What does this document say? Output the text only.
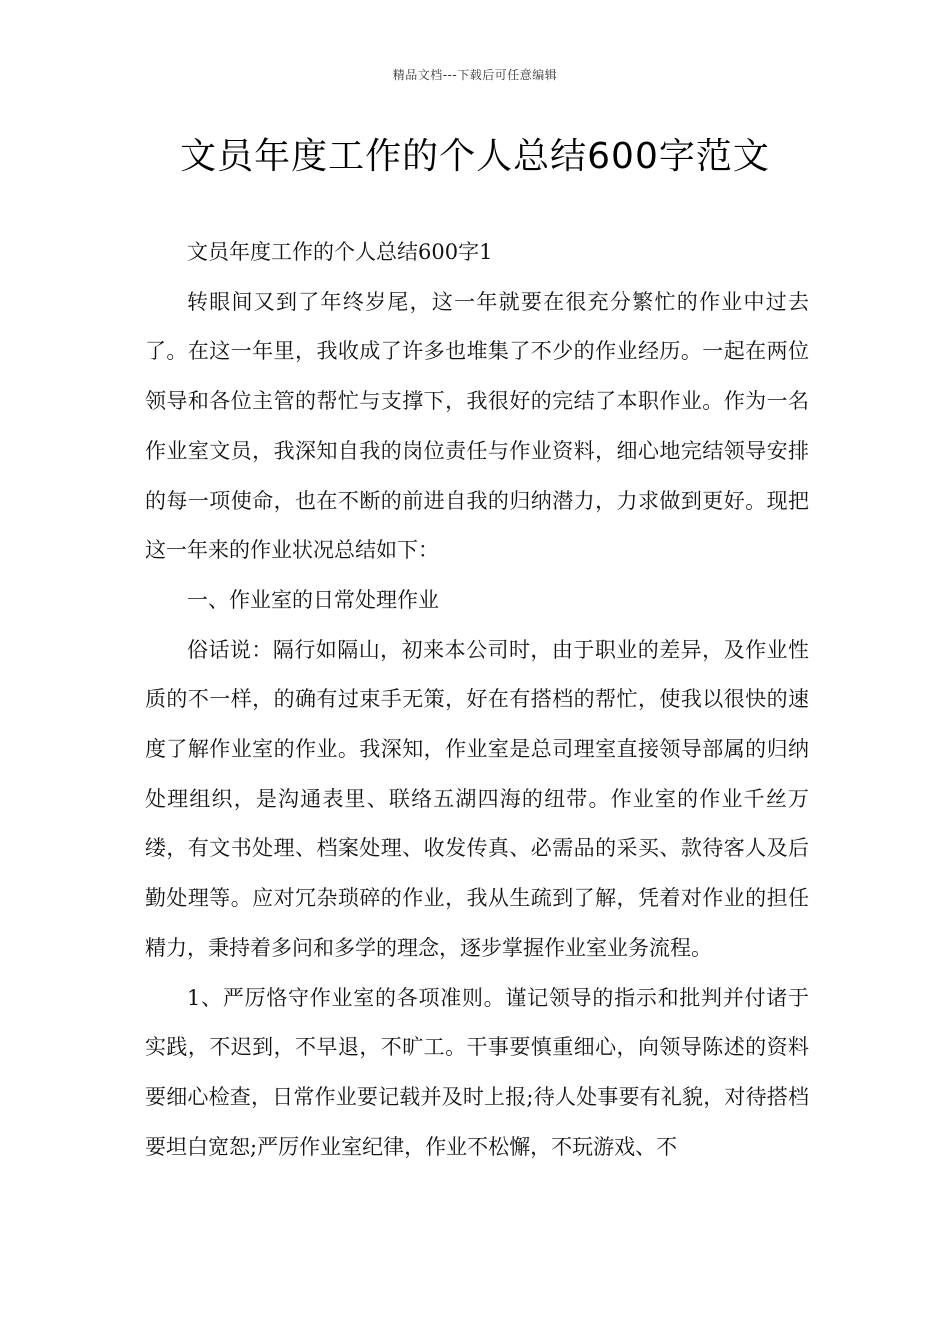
精品文档---下载后可任意编辑
文员年度工作的个人总结600字范文

文员年度工作的个人总结600字1

转眼间又到了年终岁尾，这一年就要在很充分繁忙的作业中过去了。在这一年里，我收成了许多也堆集了不少的作业经历。一起在两位领导和各位主管的帮忙与支撑下，我很好的完结了本职作业。作为一名作业室文员，我深知自我的岗位责任与作业资料，细心地完结领导安排的每一项使命，也在不断的前进自我的归纳潜力，力求做到更好。现把这一年来的作业状况总结如下：

一、作业室的日常处理作业

俗话说：隔行如隔山，初来本公司时，由于职业的差异，及作业性质的不一样，的确有过束手无策，好在有搭档的帮忙，使我以很快的速度了解作业室的作业。我深知，作业室是总司理室直接领导部属的归纳处理组织，是沟通表里、联络五湖四海的纽带。作业室的作业千丝万缕，有文书处理、档案处理、收发传真、必需品的采买、款待客人及后勤处理等。应对冗杂琐碎的作业，我从生疏到了解，凭着对作业的担任精力，秉持着多问和多学的理念，逐步掌握作业室业务流程。

1、严厉恪守作业室的各项准则。谨记领导的指示和批判并付诸于实践，不迟到，不早退，不旷工。干事要慎重细心，向领导陈述的资料要细心检查，日常作业要记载并及时上报;待人处事要有礼貌，对待搭档要坦白宽恕;严厉作业室纪律，作业不松懈，不玩游戏、不
